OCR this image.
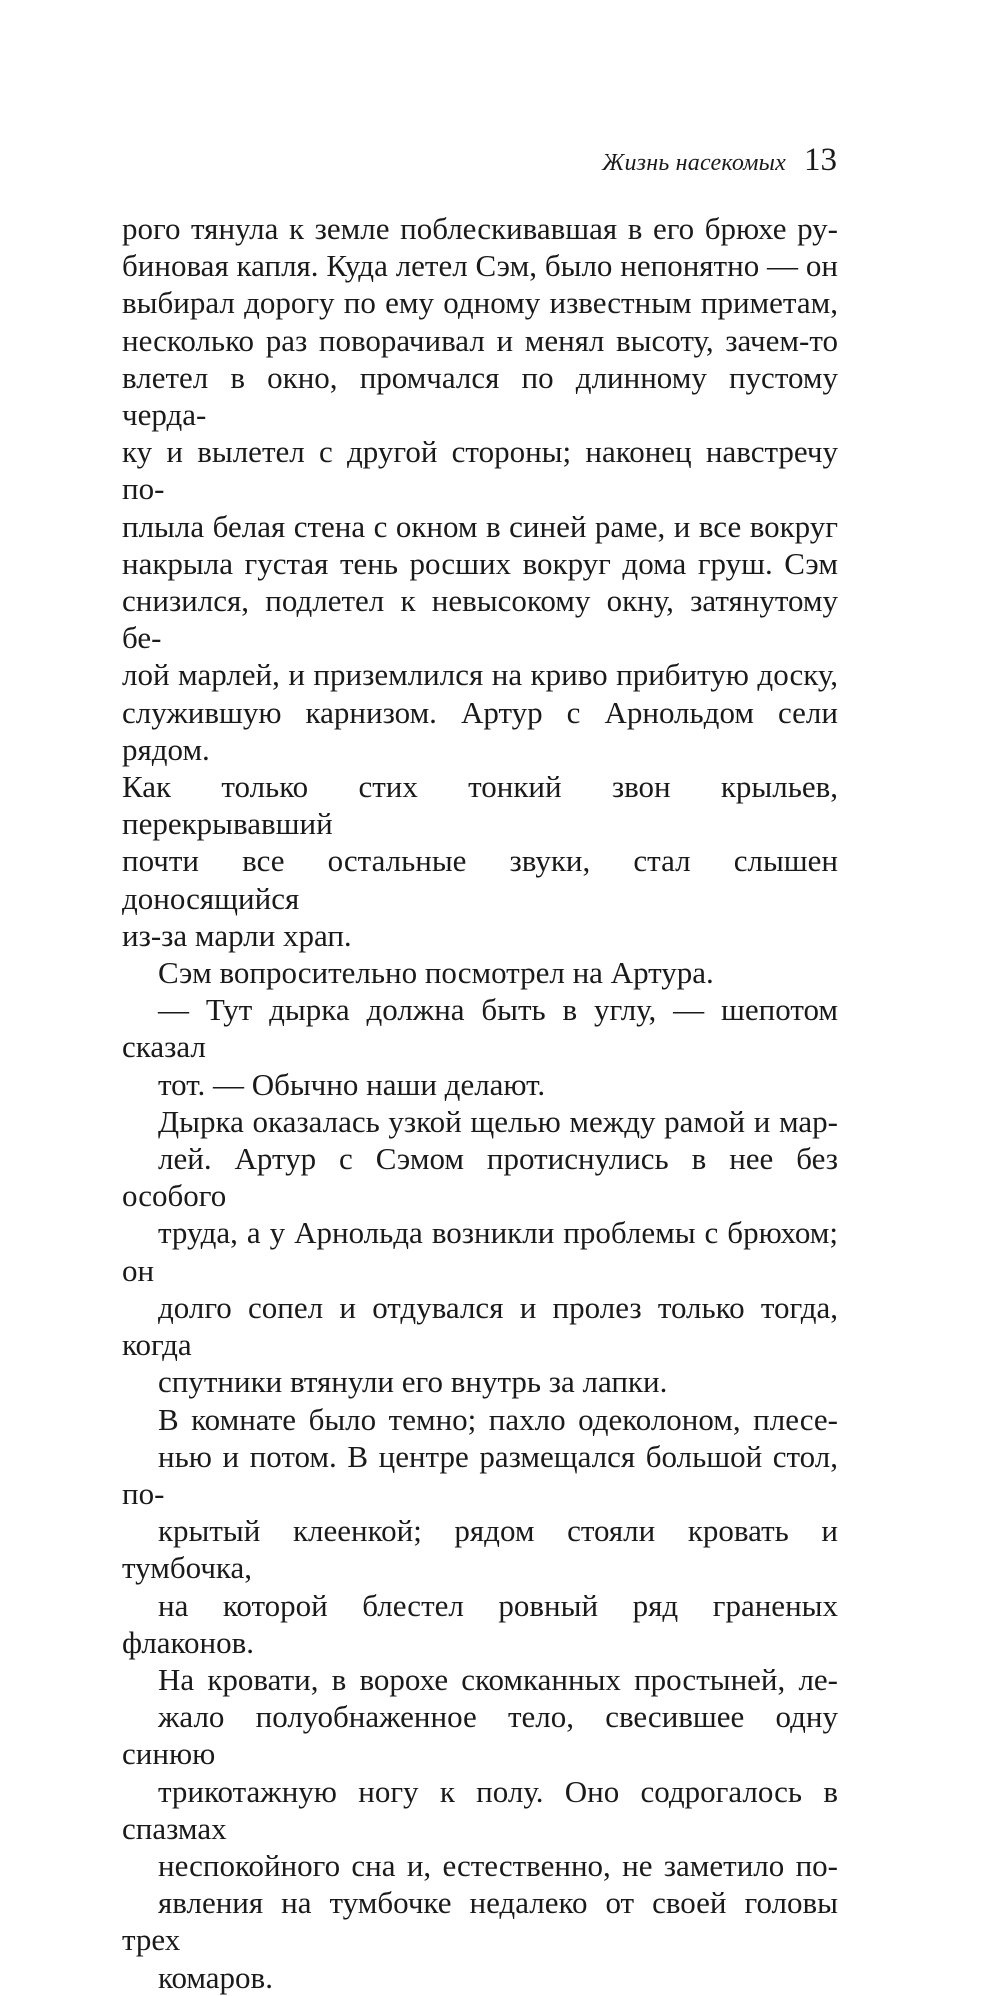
Жизнь насекомых 13

рого тянула к земле поблескивавшая в его брюхе ру-
биновая капля. Куда летел Сэм, было непонятно — он
выбирал дорогу по ему одному известным приметам,
несколько раз поворачивал и менял высоту, зачем-то
влетел в окно, промчался по длинному пустому черда-
ку и вылетел с другой стороны; наконец навстречу по-
плыла белая стена с окном в синей раме, и все вокруг
накрыла густая тень росших вокруг дома груш. Сэм
снизился, подлетел к невысокому окну, затянутому бе-
лой марлей, и приземлился на криво прибитую доску,
служившую карнизом. Артур с Арнольдом сели рядом.
Как только стих тонкий звон крыльев, перекрывавший
почти все остальные звуки, стал слышен доносящийся
из-за марли храп.

Сэм вопросительно посмотрел на Артура.

— Тут дырка должна быть в углу, — шепотом сказал
тот. — Обычно наши делают.

Дырка оказалась узкой щелью между рамой и мар-
лей. Артур с Сэмом протиснулись в нее без особого
труда, а у Арнольда возникли проблемы с брюхом; он
долго сопел и отдувался и пролез только тогда, когда
спутники втянули его внутрь за лапки.

В комнате было темно; пахло одеколоном, плесе-
нью и потом. В центре размещался большой стол, по-
крытый клеенкой; рядом стояли кровать и тумбочка,
на которой блестел ровный ряд граненых флаконов.
На кровати, в ворохе скомканных простыней, ле-
жало полуобнаженное тело, свесившее одну синюю
трикотажную ногу к полу. Оно содрогалось в спазмах
неспокойного сна и, естественно, не заметило по-
явления на тумбочке недалеко от своей головы трех
комаров.
